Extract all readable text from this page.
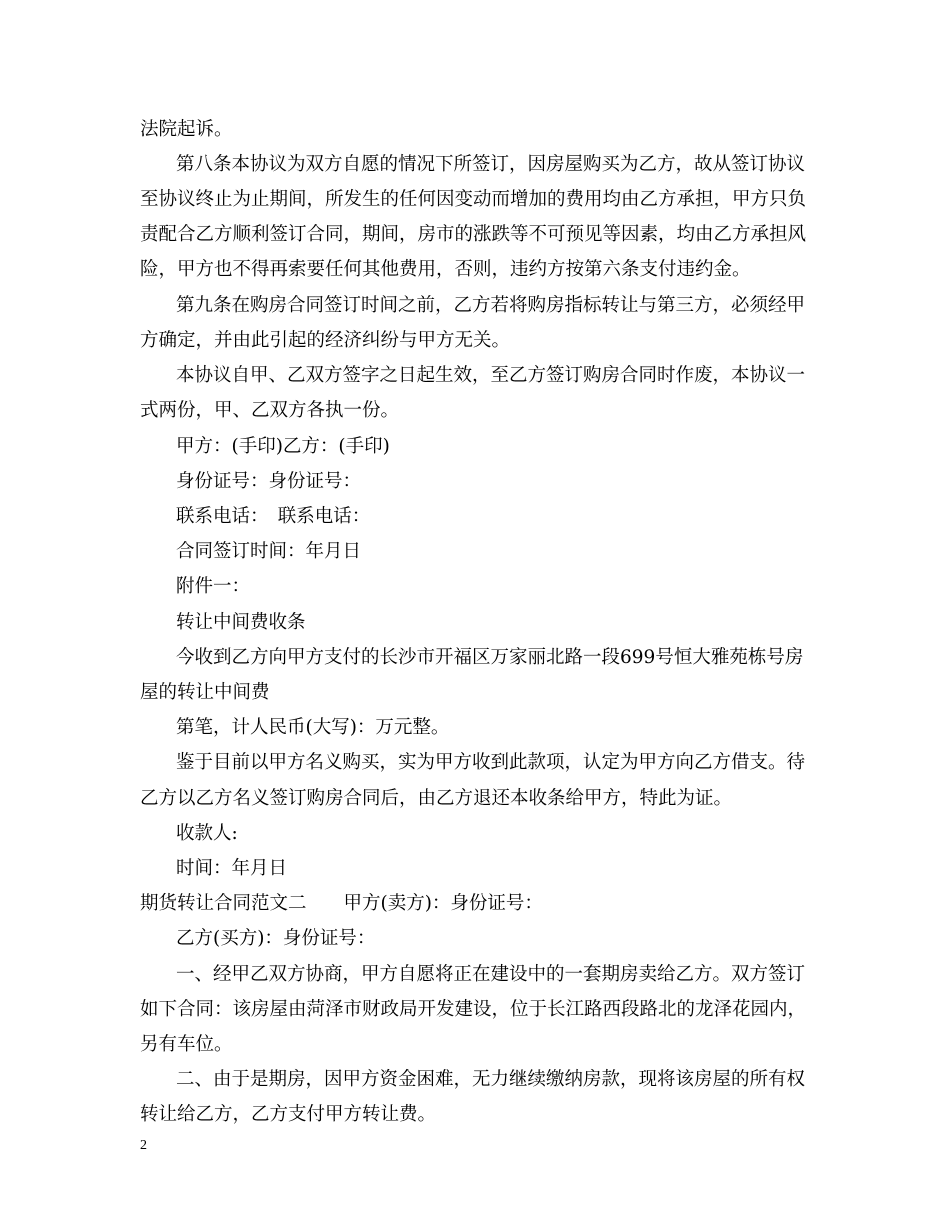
法院起诉。
第八条本协议为双方自愿的情况下所签订，因房屋购买为乙方，故从签订协议
至协议终止为止期间，所发生的任何因变动而增加的费用均由乙方承担，甲方只负
责配合乙方顺利签订合同，期间，房市的涨跌等不可预见等因素，均由乙方承担风
险，甲方也不得再索要任何其他费用，否则，违约方按第六条支付违约金。
第九条在购房合同签订时间之前，乙方若将购房指标转让与第三方，必须经甲
方确定，并由此引起的经济纠纷与甲方无关。
本协议自甲、乙双方签字之日起生效，至乙方签订购房合同时作废，本协议一
式两份，甲、乙双方各执一份。
甲方：(手印)乙方：(手印)
身份证号：身份证号：
联系电话：　联系电话：
合同签订时间：年月日
附件一：
转让中间费收条
今收到乙方向甲方支付的长沙市开福区万家丽北路一段699号恒大雅苑栋号房
屋的转让中间费
第笔，计人民币(大写)：万元整。
鉴于目前以甲方名义购买，实为甲方收到此款项，认定为甲方向乙方借支。待
乙方以乙方名义签订购房合同后，由乙方退还本收条给甲方，特此为证。
收款人:
时间：年月日
期货转让合同范文二　　甲方(卖方)：身份证号：
乙方(买方)：身份证号：
一、经甲乙双方协商，甲方自愿将正在建设中的一套期房卖给乙方。双方签订
如下合同：该房屋由菏泽市财政局开发建设，位于长江路西段路北的龙泽花园内，
另有车位。
二、由于是期房，因甲方资金困难，无力继续缴纳房款，现将该房屋的所有权
转让给乙方，乙方支付甲方转让费。
2
